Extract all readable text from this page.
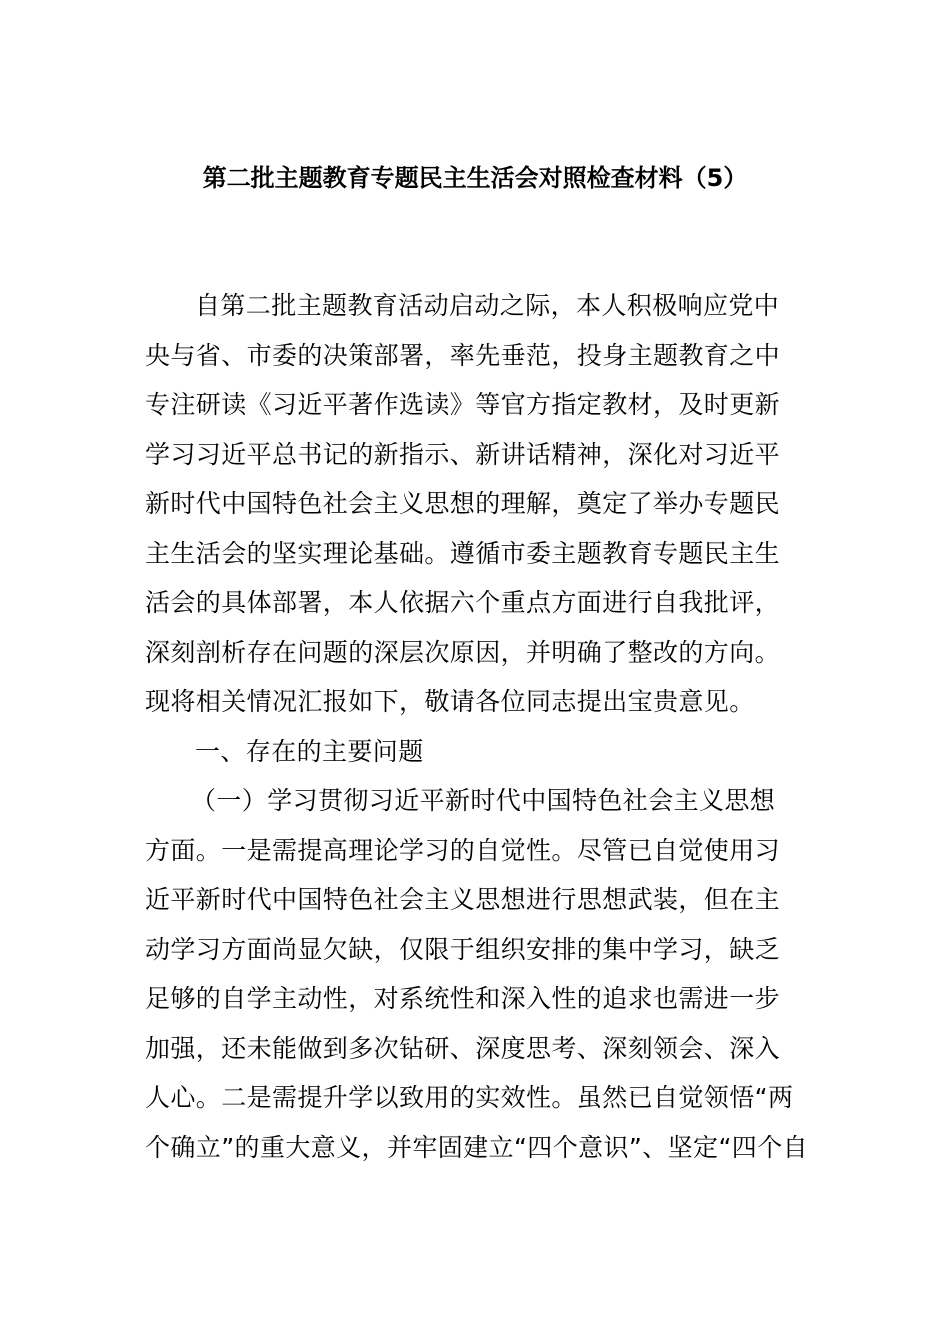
第二批主题教育专题民主生活会对照检查材料（5）
自第二批主题教育活动启动之际，本人积极响应党中
央与省、市委的决策部署，率先垂范，投身主题教育之中
专注研读《习近平著作选读》等官方指定教材，及时更新
学习习近平总书记的新指示、新讲话精神，深化对习近平
新时代中国特色社会主义思想的理解，奠定了举办专题民
主生活会的坚实理论基础。遵循市委主题教育专题民主生
活会的具体部署，本人依据六个重点方面进行自我批评，
深刻剖析存在问题的深层次原因，并明确了整改的方向。
现将相关情况汇报如下，敬请各位同志提出宝贵意见。
一、存在的主要问题
（一）学习贯彻习近平新时代中国特色社会主义思想
方面。一是需提高理论学习的自觉性。尽管已自觉使用习
近平新时代中国特色社会主义思想进行思想武装，但在主
动学习方面尚显欠缺，仅限于组织安排的集中学习，缺乏
足够的自学主动性，对系统性和深入性的追求也需进一步
加强，还未能做到多次钻研、深度思考、深刻领会、深入
人心。二是需提升学以致用的实效性。虽然已自觉领悟“两
个确立”的重大意义，并牢固建立“四个意识”、坚定“四个自
